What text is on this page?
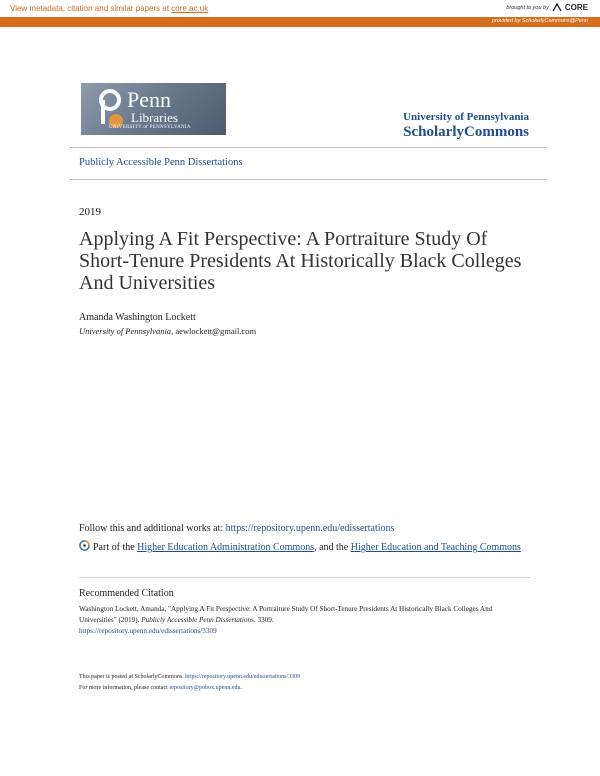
View metadata, citation and similar papers at core.ac.uk	brought to you by CORE
provided by ScholarlyCommons@Penn
Penn
Libraries
UNIVERSITY of PENNSYLVANIA
University of Pennsylvania
ScholarlyCommons
Publicly Accessible Penn Dissertations
2019
Applying A Fit Perspective: A Portraiture Study Of Short-Tenure Presidents At Historically Black Colleges And Universities
Amanda Washington Lockett
University of Pennsylvania, aewlockett@gmail.com
Follow this and additional works at: https://repository.upenn.edu/edissertations
Part of the Higher Education Administration Commons, and the Higher Education and Teaching Commons
Recommended Citation
Washington Lockett, Amanda, "Applying A Fit Perspective: A Portraiture Study Of Short-Tenure Presidents At Historically Black Colleges And Universities" (2019). Publicly Accessible Penn Dissertations. 3309.
https://repository.upenn.edu/edissertations/3309
This paper is posted at ScholarlyCommons. https://repository.upenn.edu/edissertations/3309
For more information, please contact repository@pobox.upenn.edu.
